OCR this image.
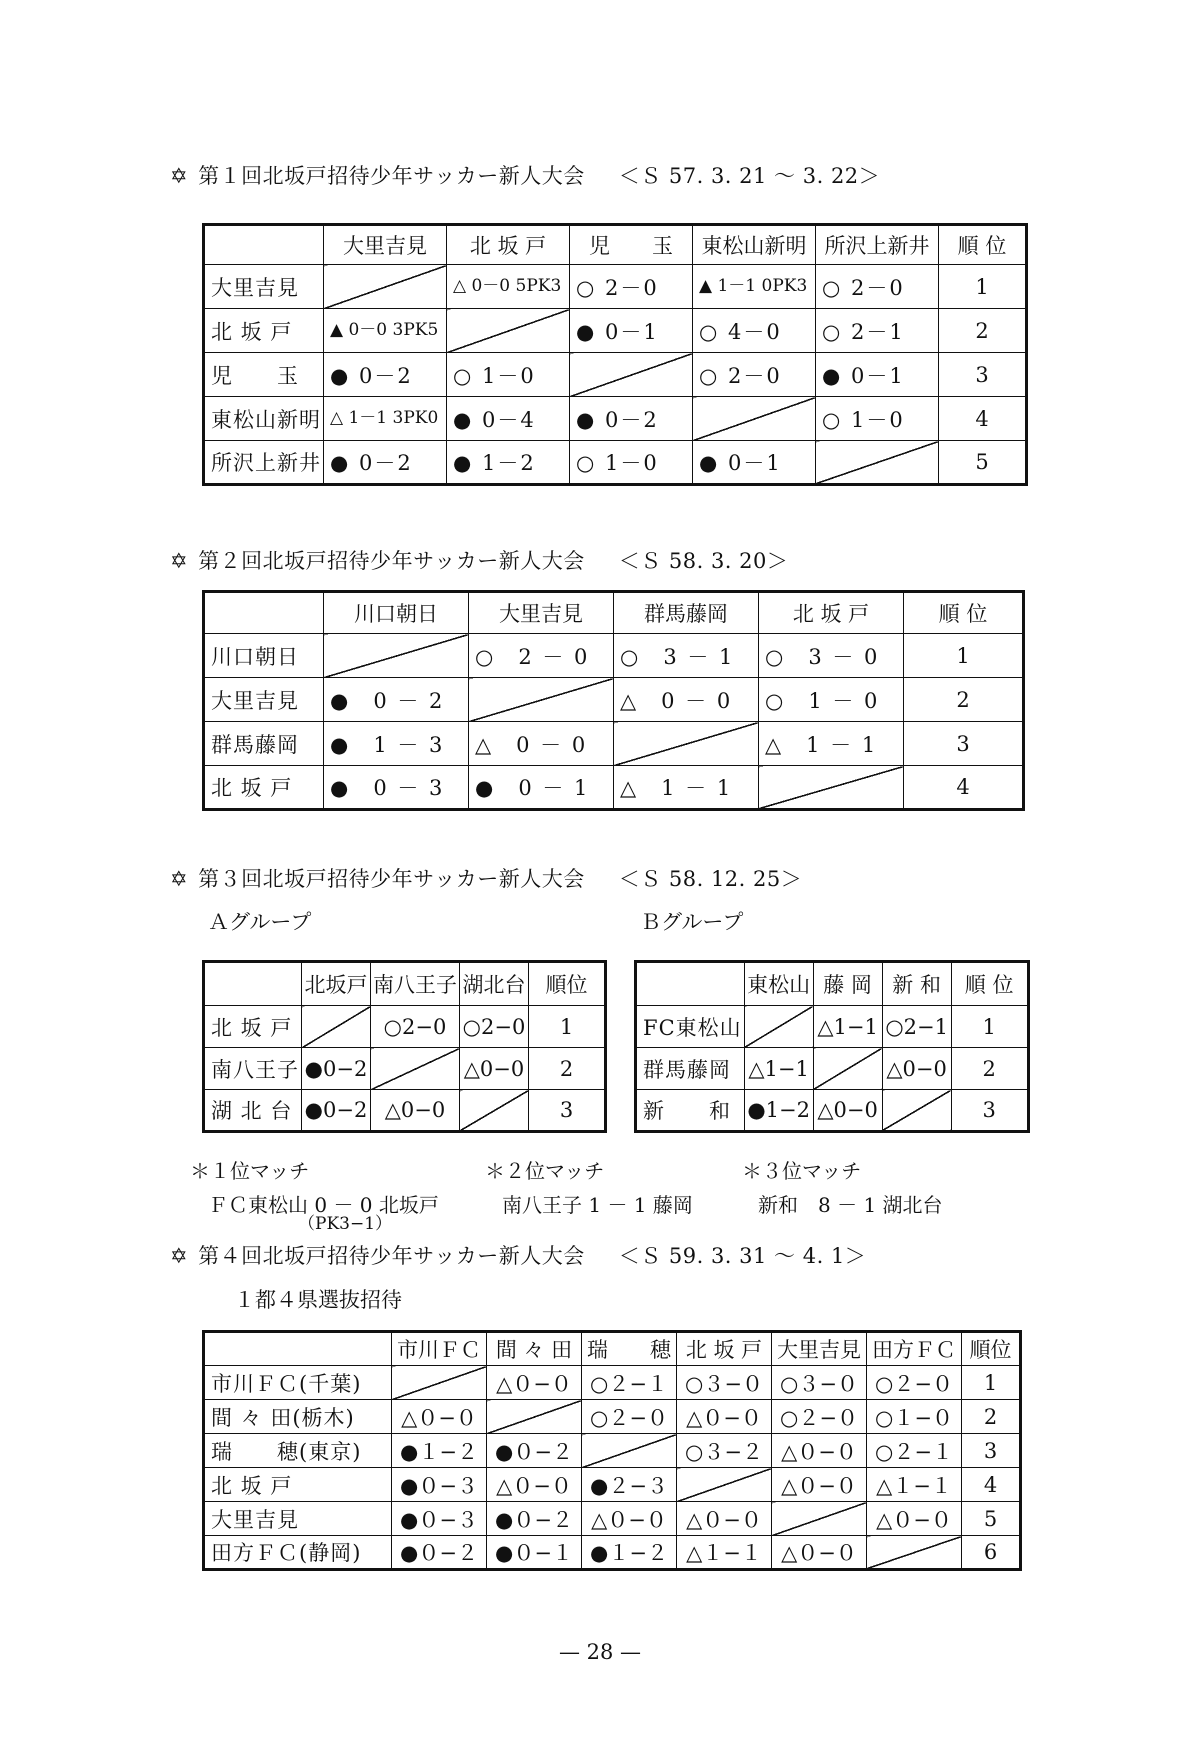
✡ 第１回北坂戸招待少年サッカー新人大会 ＜Ｓ 57. 3. 21 ～ 3. 22＞
	大里吉見	北 坂 戸	児　　玉	東松山新明	所沢上新井	順 位
大里吉見		△ 0－0 5PK3	○ 2－0	▲ 1－1 0PK3	○ 2－0	1
北 坂 戸	▲ 0－0 3PK5		● 0－1	○ 4－0	○ 2－1	2
児　　玉	● 0－2	○ 1－0		○ 2－0	● 0－1	3
東松山新明	△ 1－1 3PK0	● 0－4	● 0－2		○ 1－0	4
所沢上新井	● 0－2	● 1－2	○ 1－0	● 0－1		5
✡ 第２回北坂戸招待少年サッカー新人大会 ＜Ｓ 58. 3. 20＞
	川口朝日	大里吉見	群馬藤岡	北 坂 戸	順 位
川口朝日		○　2 － 0	○　3 － 1	○　3 － 0	1
大里吉見	●　0 － 2		△　0 － 0	○　1 － 0	2
群馬藤岡	●　1 － 3	△　0 － 0		△　1 － 1	3
北 坂 戸	●　0 － 3	●　0 － 1	△　1 － 1		4
✡ 第３回北坂戸招待少年サッカー新人大会 ＜Ｓ 58. 12. 25＞
Ａグループ	Ｂグループ
	北坂戸	南八王子	湖北台	順位
北 坂 戸		○2−0	○2−0	1
南八王子	●0−2		△0−0	2
湖 北 台	●0−2	△0−0		3
	東松山	藤 岡	新 和	順 位
FC東松山		△1−1	○2−1	1
群馬藤岡	△1−1		△0−0	2
新　　和	●1−2	△0−0		3
＊１位マッチ	＊２位マッチ	＊３位マッチ
ＦＣ東松山 0 － 0 北坂戸
（PK3−1）
南八王子 1 － 1 藤岡	新和　8 － 1 湖北台
✡ 第４回北坂戸招待少年サッカー新人大会 ＜Ｓ 59. 3. 31 ～ 4. 1＞
１都４県選抜招待
	市川ＦＣ	間 々 田	瑞　　穂	北 坂 戸	大里吉見	田方ＦＣ	順位
市川ＦＣ(千葉)		△０−０	○２−１	○３−０	○３−０	○２−０	1
間 々 田(栃木)	△０−０		○２−０	△０−０	○２−０	○１−０	2
瑞　　穂(東京)	●１−２	●０−２		○３−２	△０−０	○２−１	3
北 坂 戸	●０−３	△０−０	●２−３		△０−０	△１−１	4
大里吉見	●０−３	●０−２	△０−０	△０−０		△０−０	5
田方ＦＣ(静岡)	●０−２	●０−１	●１−２	△１−１	△０−０		6
— 28 —
